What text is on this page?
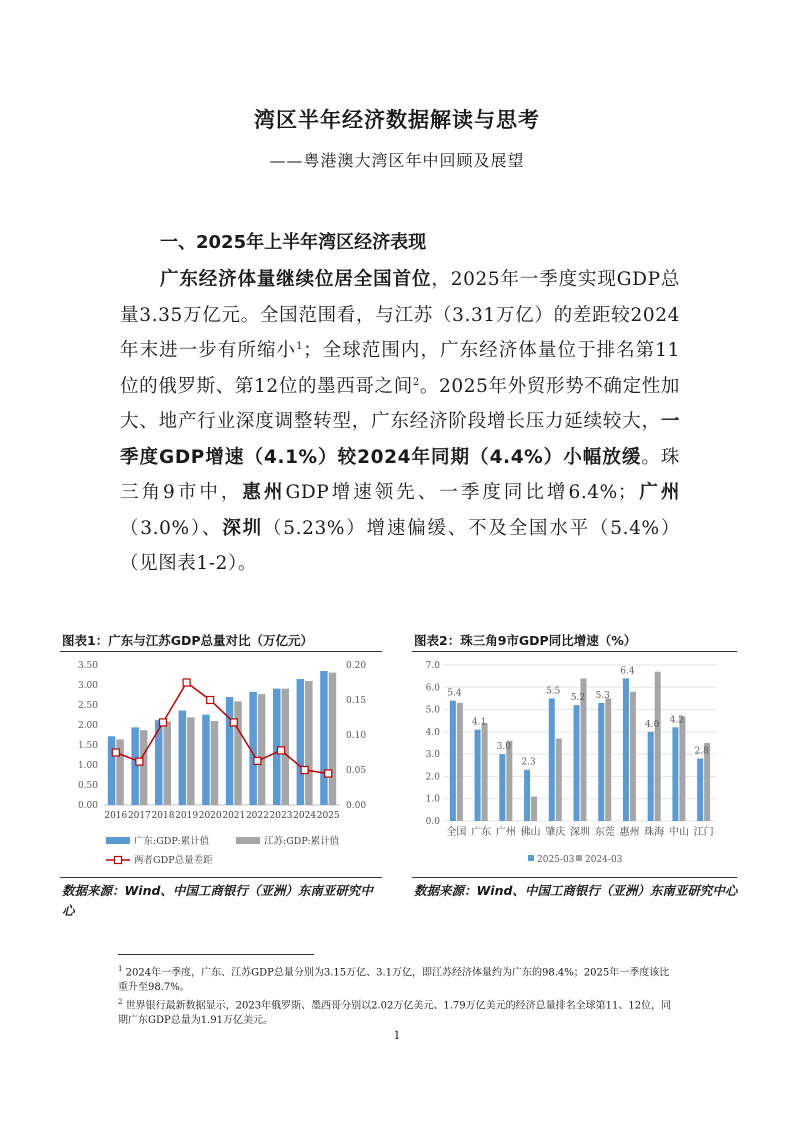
湾区半年经济数据解读与思考
——粤港澳大湾区年中回顾及展望
一、2025年上半年湾区经济表现

广东经济体量继续位居全国首位，2025年一季度实现GDP总量3.35万亿元。全国范围看，与江苏（3.31万亿）的差距较2024年末进一步有所缩小$^1$；全球范围内，广东经济体量位于排名第11位的俄罗斯、第12位的墨西哥之间$^2$。2025年外贸形势不确定性加大、地产行业深度调整转型，广东经济阶段增长压力延续较大，一季度GDP增速（4.1%）较2024年同期（4.4%）小幅放缓。珠三角9市中，惠州GDP增速领先、一季度同比增6.4%；广州（3.0%）、深圳（5.23%）增速偏缓、不及全国水平（5.4%）（见图表1-2）。

图表1：广东与江苏GDP总量对比（万亿元）
0.00
0.50
1.00
1.50
2.00
2.50
3.00
3.50
0.00
0.05
0.10
0.15
0.20
2016 2017 2018 2019 2020 2021 2022 2023 2024 2025
广东:GDP:累计值	江苏:GDP:累计值
两者GDP总量差距
数据来源：Wind、中国工商银行（亚洲）东南亚研究中心
图表2：珠三角9市GDP同比增速（%）
0.0
1.0
2.0
3.0
4.0
5.0
6.0
7.0
5.4
全国
4.1
广东
3.0
广州
2.3
佛山
5.5
肇庆
5.2
深圳
5.3
东莞
6.4
惠州
4.0
珠海
4.2
中山
2.8
江门
2025-03 2024-03
数据来源：Wind、中国工商银行（亚洲）东南亚研究中心
$^1$ 2024年一季度，广东、江苏GDP总量分别为3.15万亿、3.1万亿，即江苏经济体量约为广东的98.4%；2025年一季度该比重升至98.7%。
$^2$ 世界银行最新数据显示，2023年俄罗斯、墨西哥分别以2.02万亿美元、1.79万亿美元的经济总量排名全球第11、12位，同期广东GDP总量为1.91万亿美元。
1
